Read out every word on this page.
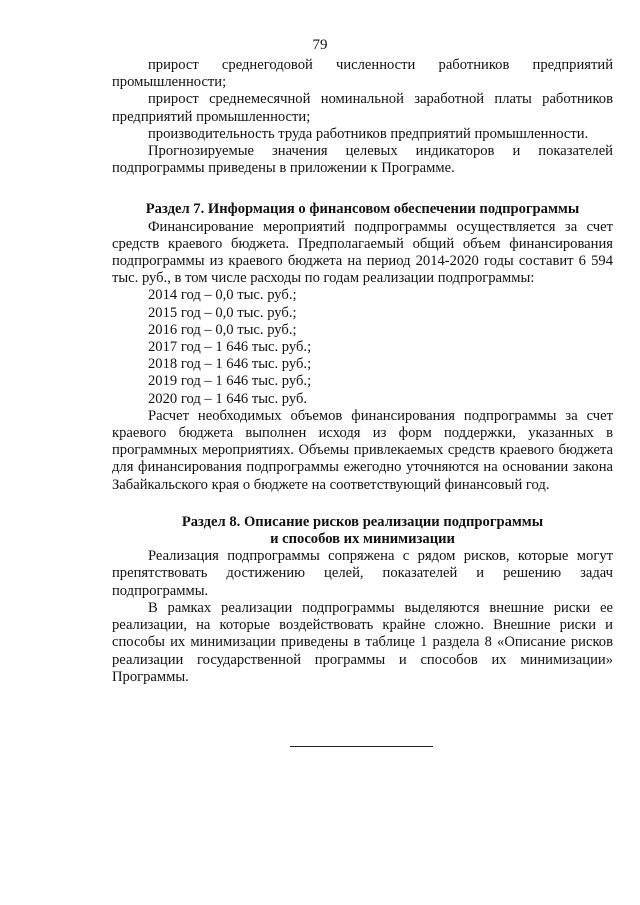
79

прирост среднегодовой численности работников предприятий промышленности;

прирост среднемесячной номинальной заработной платы работников предприятий промышленности;

производительность труда работников предприятий промышленности.

Прогнозируемые значения целевых индикаторов и показателей подпрограммы приведены в приложении к Программе.

Раздел 7. Информация о финансовом обеспечении подпрограммы

Финансирование мероприятий подпрограммы осуществляется за счет средств краевого бюджета. Предполагаемый общий объем финансирования подпрограммы из краевого бюджета на период 2014-2020 годы составит 6 594 тыс. руб., в том числе расходы по годам реализации подпрограммы:

2014 год – 0,0 тыс. руб.;

2015 год – 0,0 тыс. руб.;

2016 год – 0,0 тыс. руб.;

2017 год – 1 646 тыс. руб.;

2018 год – 1 646 тыс. руб.;

2019 год – 1 646 тыс. руб.;

2020 год – 1 646 тыс. руб.

Расчет необходимых объемов финансирования подпрограммы за счет краевого бюджета выполнен исходя из форм поддержки, указанных в программных мероприятиях. Объемы привлекаемых средств краевого бюджета для финансирования подпрограммы ежегодно уточняются на основании закона Забайкальского края о бюджете на соответствующий финансовый год.

Раздел 8. Описание рисков реализации подпрограммы

и способов их минимизации

Реализация подпрограммы сопряжена с рядом рисков, которые могут препятствовать достижению целей, показателей и решению задач подпрограммы.

В рамках реализации подпрограммы выделяются внешние риски ее реализации, на которые воздействовать крайне сложно. Внешние риски и способы их минимизации приведены в таблице 1 раздела 8 «Описание рисков реализации государственной программы и способов их минимизации» Программы.
